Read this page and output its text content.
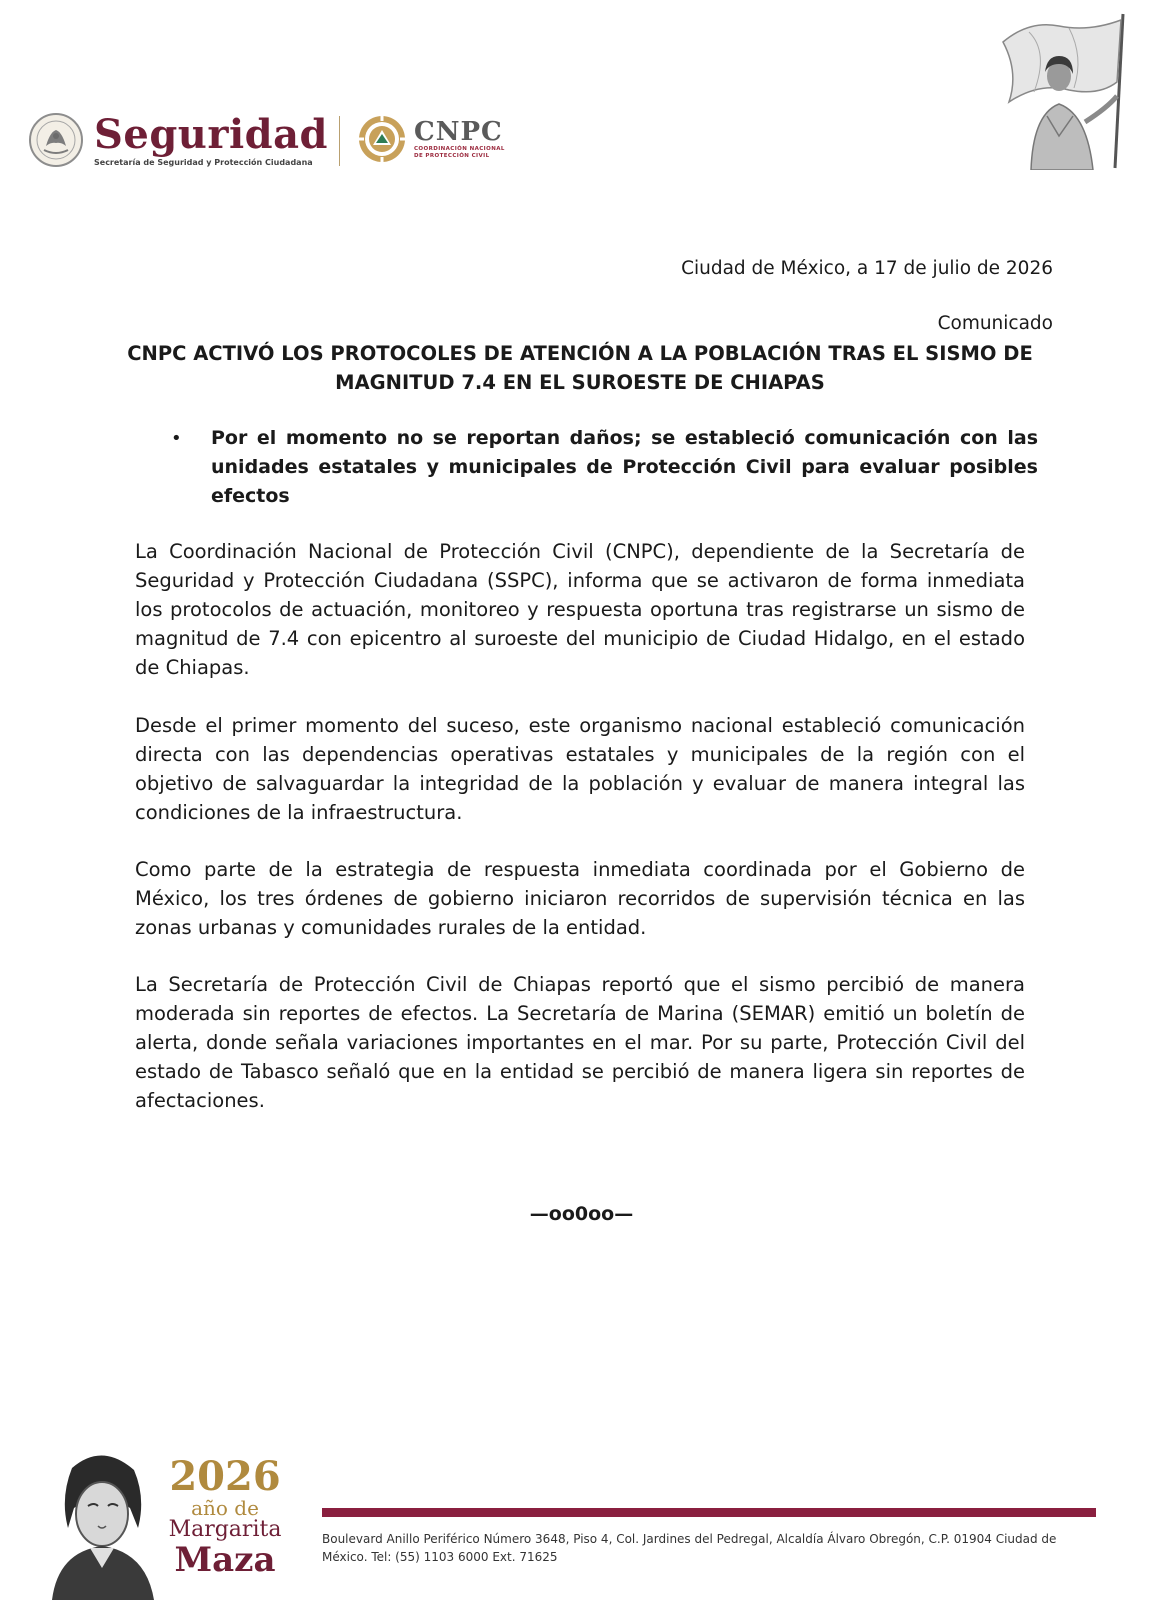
Seguridad
Secretaría de Seguridad y Protección Ciudadana
CNPC
COORDINACIÓN NACIONAL
DE PROTECCIÓN CIVIL
Ciudad de México, a 17 de julio de 2026
Comunicado
CNPC ACTIVÓ LOS PROTOCOLES DE ATENCIÓN A LA POBLACIÓN TRAS EL SISMO DE
MAGNITUD 7.4 EN EL SUROESTE DE CHIAPAS
•	Por el momento no se reportan daños; se estableció comunicación con las unidades estatales y municipales de Protección Civil para evaluar posibles efectos

La Coordinación Nacional de Protección Civil (CNPC), dependiente de la Secretaría de Seguridad y Protección Ciudadana (SSPC), informa que se activaron de forma inmediata los protocolos de actuación, monitoreo y respuesta oportuna tras registrarse un sismo de magnitud de 7.4 con epicentro al suroeste del municipio de Ciudad Hidalgo, en el estado de Chiapas.

Desde el primer momento del suceso, este organismo nacional estableció comunicación directa con las dependencias operativas estatales y municipales de la región con el objetivo de salvaguardar la integridad de la población y evaluar de manera integral las condiciones de la infraestructura.

Como parte de la estrategia de respuesta inmediata coordinada por el Gobierno de México, los tres órdenes de gobierno iniciaron recorridos de supervisión técnica en las zonas urbanas y comunidades rurales de la entidad.

La Secretaría de Protección Civil de Chiapas reportó que el sismo percibió de manera moderada sin reportes de efectos. La Secretaría de Marina (SEMAR) emitió un boletín de alerta, donde señala variaciones importantes en el mar. Por su parte, Protección Civil del estado de Tabasco señaló que en la entidad se percibió de manera ligera sin reportes de afectaciones.

—oo0oo—
2026
año de
Margarita
Maza
Boulevard Anillo Periférico Número 3648, Piso 4, Col. Jardines del Pedregal, Alcaldía Álvaro Obregón, C.P. 01904 Ciudad de México. Tel: (55) 1103 6000 Ext. 71625
